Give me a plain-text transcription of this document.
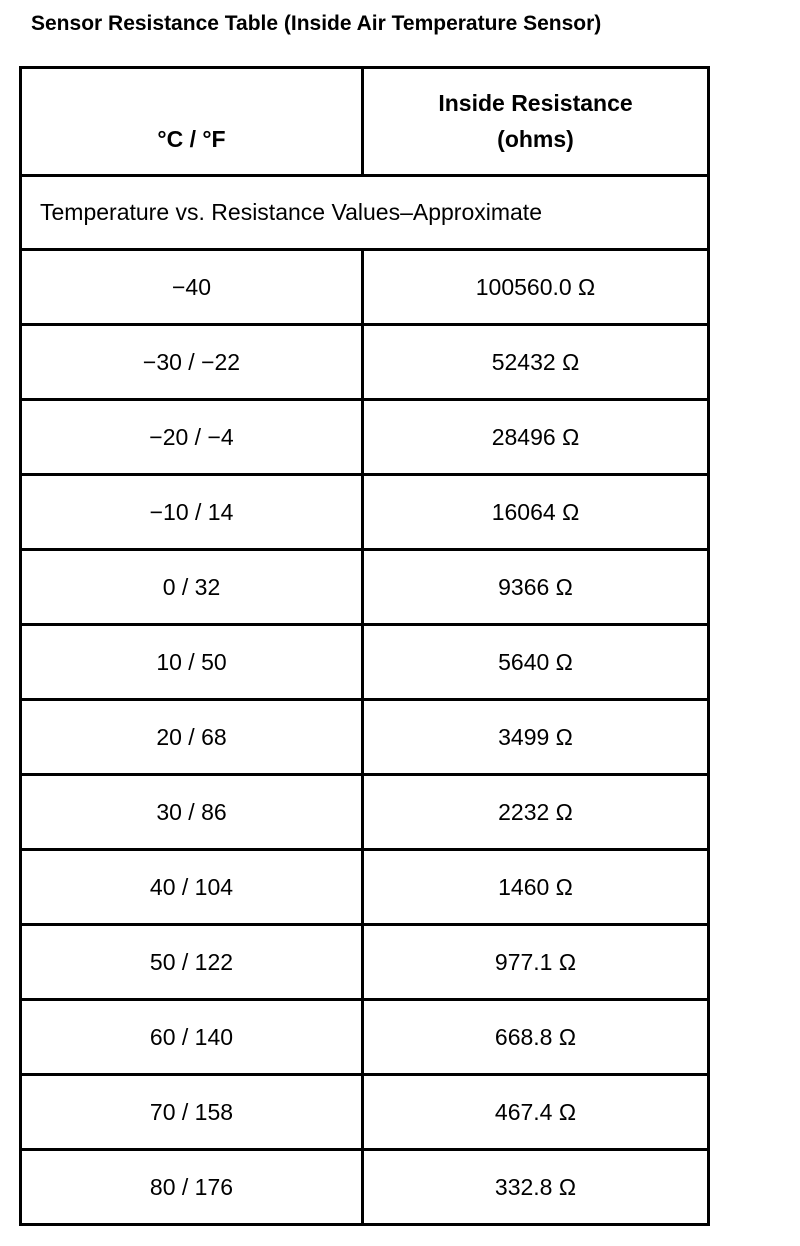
Sensor Resistance Table (Inside Air Temperature Sensor)
°C / °F	Inside Resistance
(ohms)

Temperature vs. Resistance Values–Approximate	
−40	100560.0 Ω
−30 / −22	52432 Ω
−20 / −4	28496 Ω
−10 / 14	16064 Ω
0 / 32	9366 Ω
10 / 50	5640 Ω
20 / 68	3499 Ω
30 / 86	2232 Ω
40 / 104	1460 Ω
50 / 122	977.1 Ω
60 / 140	668.8 Ω
70 / 158	467.4 Ω
80 / 176	332.8 Ω
